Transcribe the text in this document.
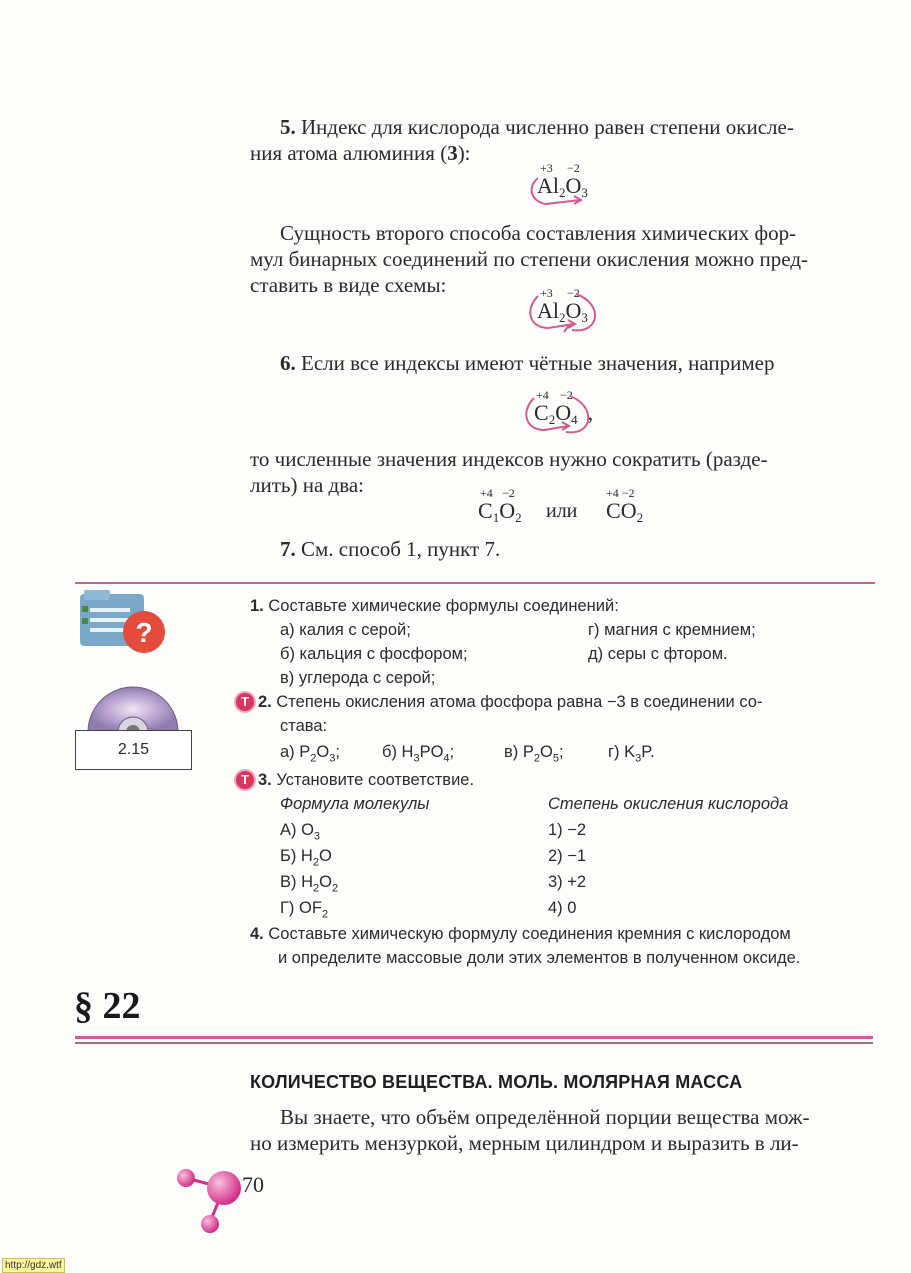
5. Индекс для кислорода численно равен степени окисле-
ния атома алюминия (3):
+3 −2
Al2O3
Сущность второго способа составления химических фор-
мул бинарных соединений по степени окисления можно пред-
ставить в виде схемы:	+3 −2
Al2O3
6. Если все индексы имеют чётные значения, например
+4 −2
C2O4 ,
то численные значения индексов нужно сократить (разде-
лить) на два:	+4 −2
C1O2 или
+4 −2
CO2
7. См. способ 1, пункт 7.
?
2.15
1. Составьте химические формулы соединений:
а) калия с серой;
б) кальция с фосфором;
в) углерода с серой;
г) магния с кремнием;
д) серы с фтором.
Т 2. Степень окисления атома фосфора равна −3 в соединении со-
става:
а) $P_2O_3$;	б) $H_3PO_4$;	в) $P_2O_5$;	г) $K_3P$.
Т 3. Установите соответствие.
Формула молекулы	Степень окисления кислорода
А) $O_3$	1) −2
Б) $H_2O$	2) −1
В) $H_2O_2$	3) +2
Г) $OF_2$	4) 0
4. Составьте химическую формулу соединения кремния с кислородом
и определите массовые доли этих элементов в полученном оксиде.
§ 22
КОЛИЧЕСТВО ВЕЩЕСТВА. МОЛЬ. МОЛЯРНАЯ МАССА
Вы знаете, что объём определённой порции вещества мож-
но измерить мензуркой, мерным цилиндром и выразить в ли-
70
http://gdz.wtf
